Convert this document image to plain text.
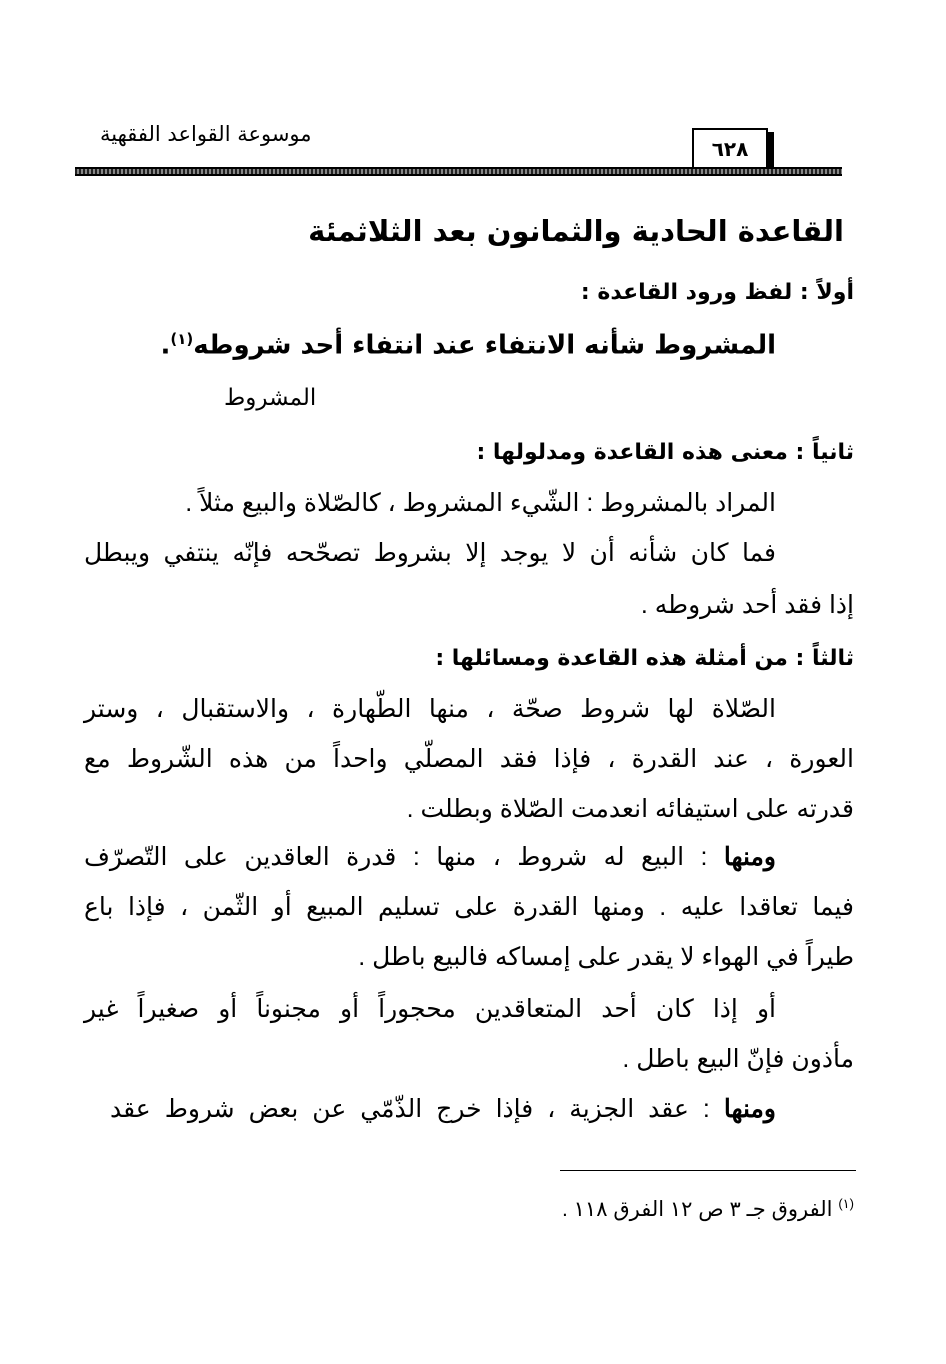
موسوعة القواعد الفقهية
٦٢٨
القاعدة الحادية والثمانون بعد الثلاثمئة
أولاً : لفظ ورود القاعدة :
المشروط شأنه الانتفاء عند انتفاء أحد شروطه$^{(١)}$.
المشروط
ثانياً : معنى هذه القاعدة ومدلولها :
المراد بالمشروط : الشّيء المشروط ، كالصّلاة والبيع مثلاً .
فما كان شأنه أن لا يوجد إلا بشروط تصحّحه فإنّه ينتفي ويبطل
إذا فقد أحد شروطه .
ثالثاً : من أمثلة هذه القاعدة ومسائلها :
الصّلاة لها شروط صحّة ، منها الطّهارة ، والاستقبال ، وستر
العورة ، عند القدرة ، فإذا فقد المصلّي واحداً من هذه الشّروط مع
قدرته على استيفائه انعدمت الصّلاة وبطلت .
ومنها : البيع له شروط ، منها : قدرة العاقدين على التّصرّف
فيما تعاقدا عليه . ومنها القدرة على تسليم المبيع أو الثّمن ، فإذا باع
طيراً في الهواء لا يقدر على إمساكه فالبيع باطل .
أو إذا كان أحد المتعاقدين محجوراً أو مجنوناً أو صغيراً غير
مأذون فإنّ البيع باطل .
ومنها : عقد الجزية ، فإذا خرج الذّمّي عن بعض شروط عقد
$^{(١)}$ الفروق جـ ٣ ص ١٢ الفرق ١١٨ .
